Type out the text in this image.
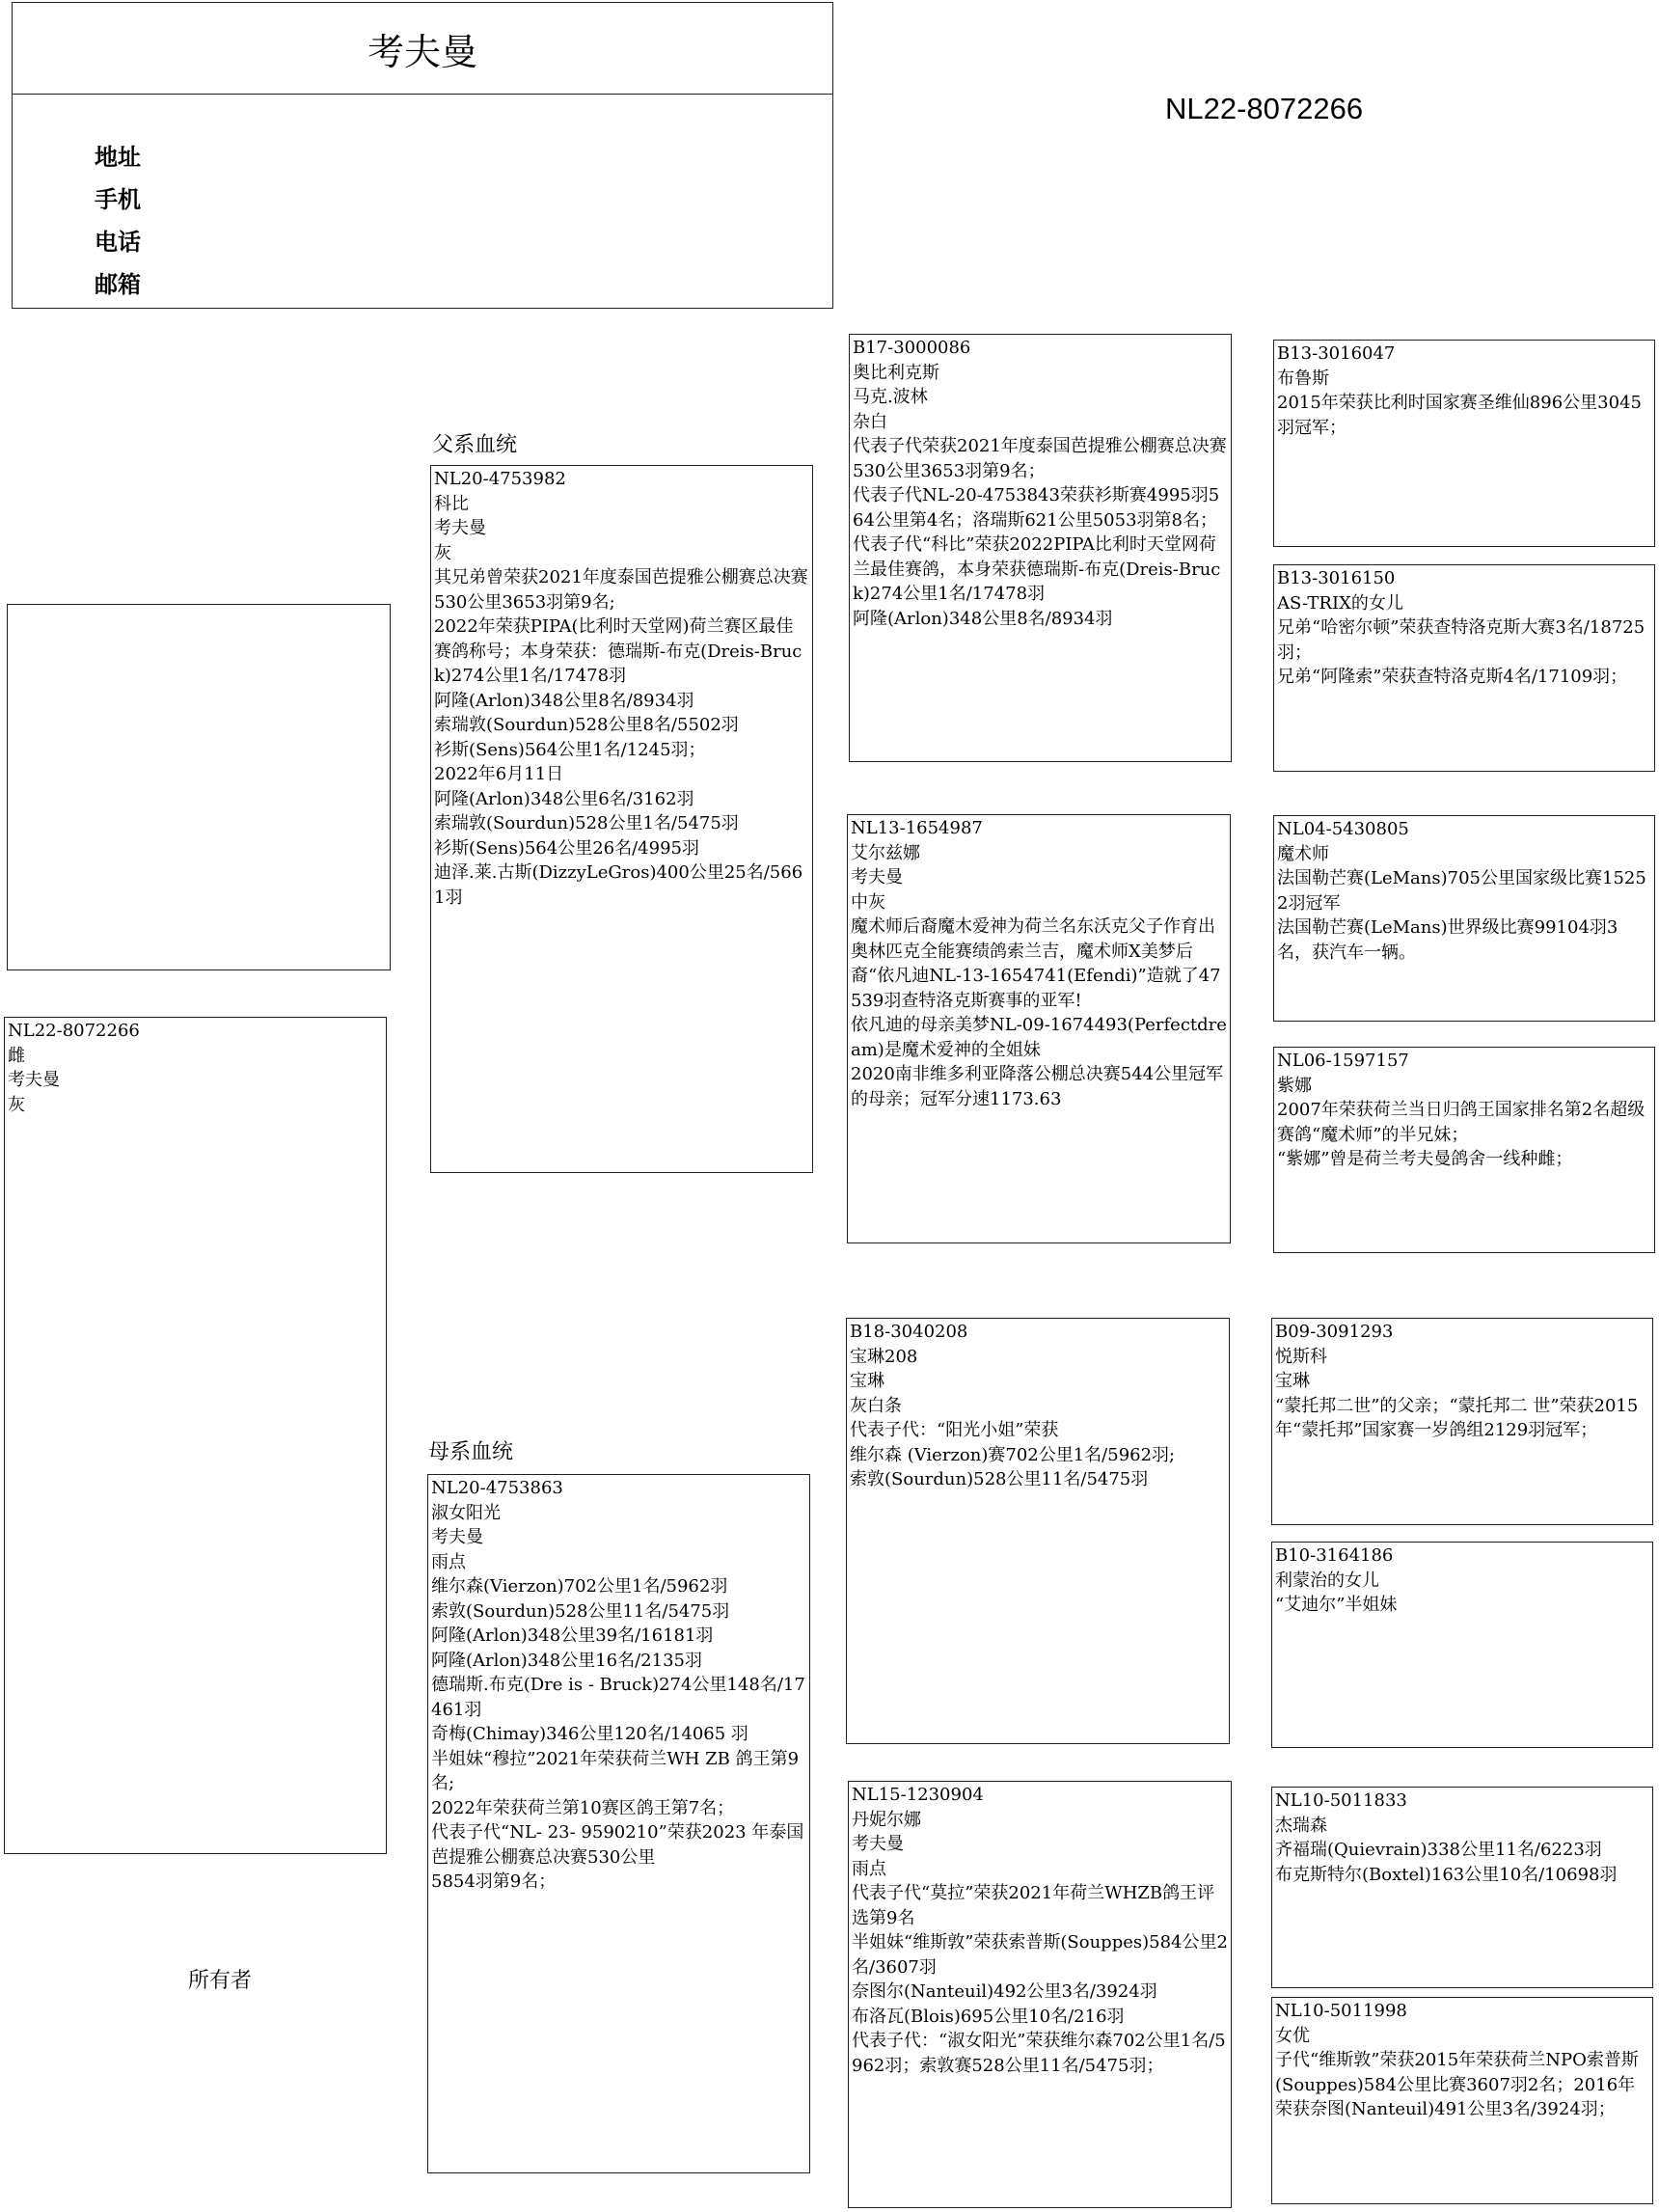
考夫曼
地址
手机
电话
邮箱
NL22-8072266
NL22-8072266
雌
考夫曼
灰
所有者
父系血统
母系血统
NL20-4753982
科比
考夫曼
灰
其兄弟曾荣获2021年度泰国芭提雅公棚赛总决赛530公里3653羽第9名;
2022年荣获PIPA(比利时天堂网)荷兰赛区最佳赛鸽称号；本身荣获：德瑞斯-布克(Dreis-Bruck)274公里1名/17478羽
阿隆(Arlon)348公里8名/8934羽
索瑞敦(Sourdun)528公里8名/5502羽
衫斯(Sens)564公里1名/1245羽；
2022年6月11日
阿隆(Arlon)348公里6名/3162羽
索瑞敦(Sourdun)528公里1名/5475羽
衫斯(Sens)564公里26名/4995羽
迪泽.莱.古斯(DizzyLeGros)400公里25名/5661羽
NL20-4753863
淑女阳光
考夫曼
雨点
维尔森(Vierzon)702公里1名/5962羽
索敦(Sourdun)528公里11名/5475羽
阿隆(Arlon)348公里39名/16181羽
阿隆(Arlon)348公里16名/2135羽
德瑞斯.布克(Dre is - Bruck)274公里148名/17461羽
奇梅(Chimay)346公里120名/14065 羽
半姐妹“穆拉”2021年荣获荷兰WH ZB 鸽王第9名;
2022年荣获荷兰第10赛区鸽王第7名；
代表子代“NL- 23- 9590210”荣获2023 年泰国芭提雅公棚赛总决赛530公里
5854羽第9名；
B17-3000086
奥比利克斯
马克.波林
杂白
代表子代荣获2021年度泰国芭提雅公棚赛总决赛530公里3653羽第9名；
代表子代NL-20-4753843荣获衫斯赛4995羽564公里第4名；洛瑞斯621公里5053羽第8名；
代表子代“科比”荣获2022PIPA比利时天堂网荷兰最佳赛鸽，本身荣获德瑞斯-布克(Dreis-Bruck)274公里1名/17478羽
阿隆(Arlon)348公里8名/8934羽
NL13-1654987
艾尔兹娜
考夫曼
中灰
魔术师后裔魔木爱神为荷兰名东沃克父子作育出奥林匹克全能赛绩鸽索兰吉，魔术师X美梦后裔“依凡迪NL-13-1654741(Efendi)”造就了47539羽查特洛克斯赛事的亚军!
依凡迪的母亲美梦NL-09-1674493(Perfectdream)是魔术爱神的全姐妹
2020南非维多利亚降落公棚总决赛544公里冠军的母亲；冠军分速1173.63
B18-3040208
宝琳208
宝琳
灰白条
代表子代：“阳光小姐”荣获
维尔森 (Vierzon)赛702公里1名/5962羽;
索敦(Sourdun)528公里11名/5475羽
NL15-1230904
丹妮尔娜
考夫曼
雨点
代表子代“莫拉”荣获2021年荷兰WHZB鸽王评选第9名
半姐妹“维斯敦”荣获索普斯(Souppes)584公里2名/3607羽
奈图尔(Nanteuil)492公里3名/3924羽
布洛瓦(Blois)695公里10名/216羽
代表子代：“淑女阳光”荣获维尔森702公里1名/5962羽；索敦赛528公里11名/5475羽；
B13-3016047
布鲁斯
2015年荣获比利时国家赛圣维仙896公里3045羽冠军；
B13-3016150
AS-TRIX的女儿
兄弟“哈密尔顿”荣获查特洛克斯大赛3名/18725羽；
兄弟“阿隆索”荣获查特洛克斯4名/17109羽；
NL04-5430805
魔术师
法国勒芒赛(LeMans)705公里国家级比赛15252羽冠军
法国勒芒赛(LeMans)世界级比赛99104羽3名，获汽车一辆。
NL06-1597157
紫娜
2007年荣获荷兰当日归鸽王国家排名第2名超级赛鸽“魔术师”的半兄妹；
“紫娜”曾是荷兰考夫曼鸽舍一线种雌；
B09-3091293
悦斯科
宝琳
“蒙托邦二世”的父亲；“蒙托邦二 世”荣获2015年“蒙托邦”国家赛一岁鸽组2129羽冠军；
B10-3164186
利蒙治的女儿
“艾迪尔”半姐妹
NL10-5011833
杰瑞森
齐福瑞(Quievrain)338公里11名/6223羽
布克斯特尔(Boxtel)163公里10名/10698羽
NL10-5011998
女优
子代“维斯敦”荣获2015年荣获荷兰NPO索普斯(Souppes)584公里比赛3607羽2名；2016年荣获奈图(Nanteuil)491公里3名/3924羽；
